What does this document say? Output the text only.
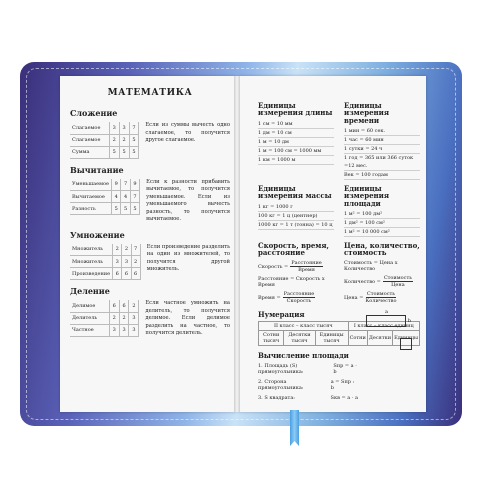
МАТЕМАТИКА
Сложение
Слагаемое	3	3	7
Слагаемое	2	2	5
Сумма	5	5	5
Если из суммы вычесть одно слагаемое, то получится другое слагаемое.
Вычитание
Уменьшаемое	9	7	9
Вычитаемое	4	4	7
Разность	5	5	5
Если к разности прибавить вычитаемое, то получится уменьшаемое. Если из уменьшаемого вычесть разность, то получится вычитаемое.
Умножение
Множитель	2	2	7
Множитель	3	3	2
Произведение	6	6	6
Если произведение разделить на один из множителей, то получится другой множитель.
Деление
Делимое	6	6	2
Делитель	2	2	3
Частное	3	3	3
Если частное умножить на делитель, то получится делимое. Если делимое разделить на частное, то получится делитель.
Единицы измерения длины
1 см = 10 мм
1 дм = 10 см
1 м = 10 дм
1 м = 100 см = 1000 мм
1 км = 1000 м
Единицы измерения времени
1 мин = 60 сек.
1 час = 60 мин
1 сутки = 24 ч
1 год = 365 или 366 суток =12 мес.
Век = 100 годам
Единицы измерения массы
1 кг = 1000 г
100 кг = 1 ц (центнер)
1000 кг = 1 т (тонна) = 10 ц
Единицы измерения площади
1 м² = 100 дм²
1 дм² = 100 см²
1 м² = 10 000 см²
Скорость, время, расстояние
Скорость = $\frac{\text{Расстояние}}{\text{Время}}$
Расстояние = Скорость х Время
Время = $\frac{\text{Расстояние}}{\text{Скорость}}$
Цена, количество, стоимость
Стоимость = Цена х Количество
Количество = $\frac{\text{Стоимость}}{\text{Цена}}$
Цена = $\frac{\text{Стоимость}}{\text{Количество}}$
Нумерация
II класс – класс тысяч			I класс – класс единиц		
Сотни тысяч	Десятки тысяч	Единицы тысяч	Сотни	Десятки	Единицы
Вычисление площади
1. Площадь (S) прямоугольника:
Sпр = a · b
2. Сторона прямоугольника:
a = Sпр : b
3. S квадрата:	Sкв = a · a
a
b
